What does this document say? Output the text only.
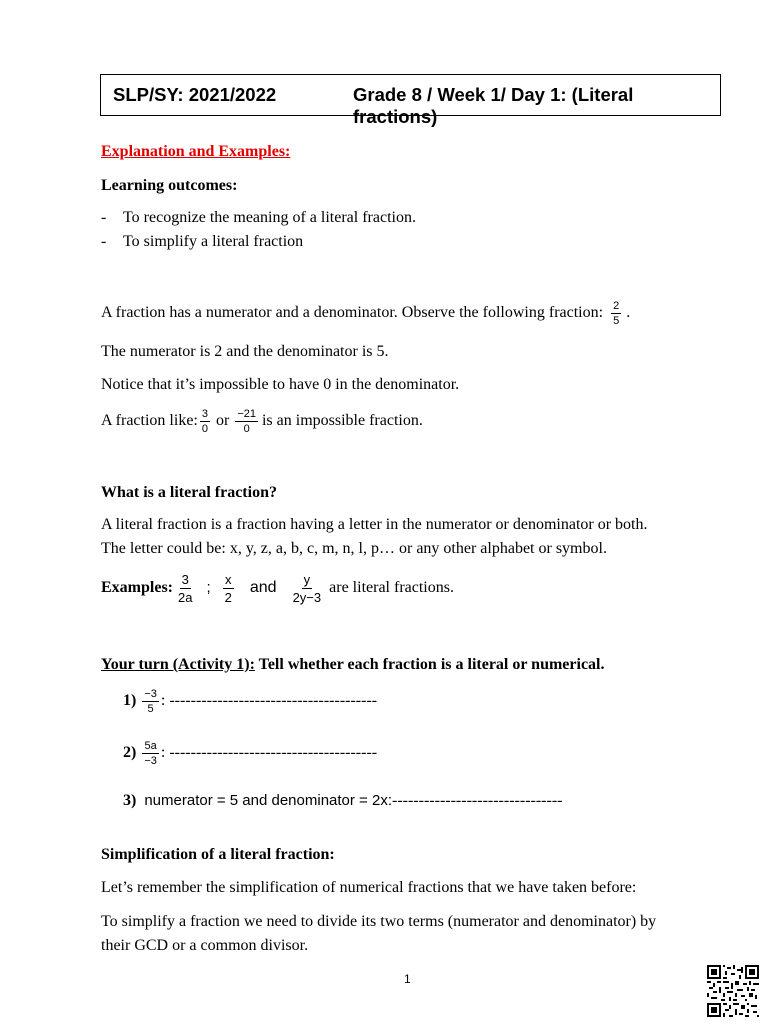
SLP/SY: 2021/2022	Grade 8 / Week 1/ Day 1: (Literal fractions)
Explanation and Examples:
Learning outcomes:
- To recognize the meaning of a literal fraction.
- To simplify a literal fraction
A fraction has a numerator and a denominator. Observe the following fraction: $\frac{2}{5}$ .
The numerator is 2 and the denominator is 5.
Notice that it’s impossible to have 0 in the denominator.
A fraction like: $\frac{3}{0}$ or $\frac{-21}{0}$ is an impossible fraction.
What is a literal fraction?
A literal fraction is a fraction having a letter in the numerator or denominator or both.
The letter could be: x, y, z, a, b, c, m, n, l, p… or any other alphabet or symbol.
Examples: $\frac{3}{2a}$ ; $\frac{x}{2}$ and $\frac{y}{2y-3}$ are literal fractions.
Your turn (Activity 1): Tell whether each fraction is a literal or numerical.
$1) \frac{-3}{5}$ : ---------------------------------------
$2) \frac{5a}{-3}$ : ---------------------------------------
3) numerator = 5 and denominator = 2x: --------------------------------
Simplification of a literal fraction:
Let’s remember the simplification of numerical fractions that we have taken before:
To simplify a fraction we need to divide its two terms (numerator and denominator) by
their GCD or a common divisor.
1
